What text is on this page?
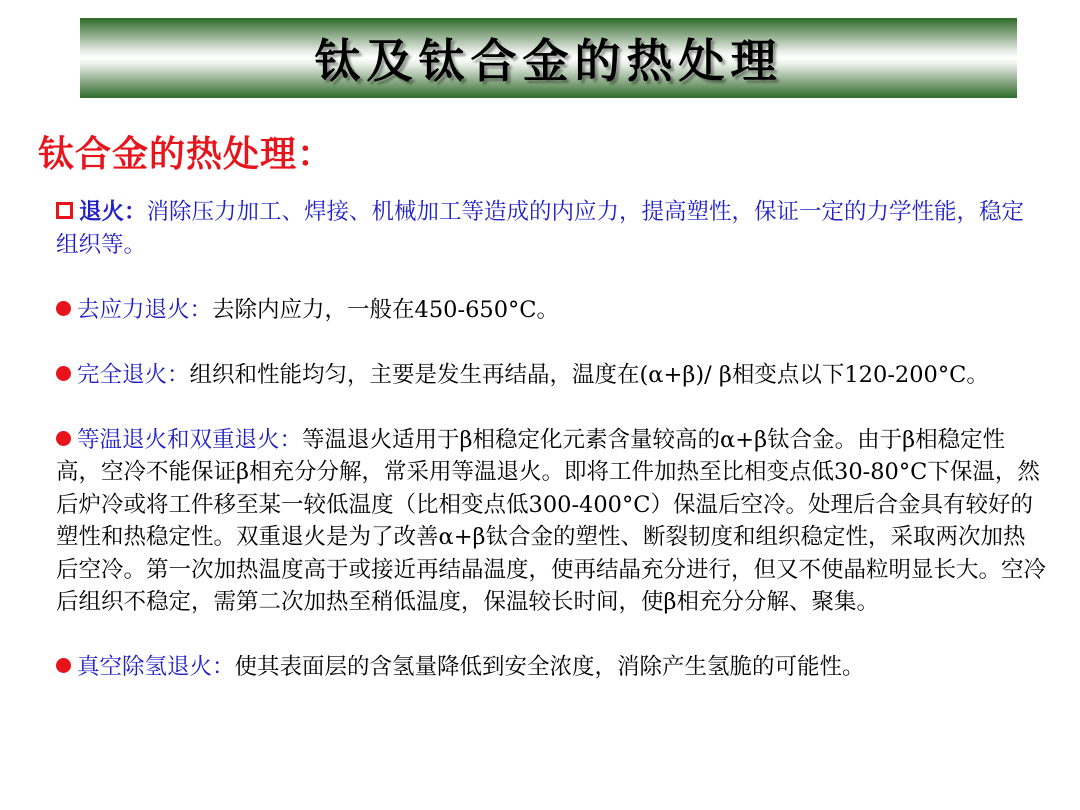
钛及钛合金的热处理
钛合金的热处理：

退火：消除压力加工、焊接、机械加工等造成的内应力，提高塑性，保证一定的力学性能，稳定组织等。

去应力退火：去除内应力，一般在450-650°C。

完全退火：组织和性能均匀，主要是发生再结晶，温度在(α+β)/ β相变点以下120-200°C。

等温退火和双重退火：等温退火适用于β相稳定化元素含量较高的α+β钛合金。由于β相稳定性高，空冷不能保证β相充分分解，常采用等温退火。即将工件加热至比相变点低30-80°C下保温，然后炉冷或将工件移至某一较低温度（比相变点低300-400°C）保温后空冷。处理后合金具有较好的塑性和热稳定性。双重退火是为了改善α+β钛合金的塑性、断裂韧度和组织稳定性，采取两次加热后空冷。第一次加热温度高于或接近再结晶温度，使再结晶充分进行，但又不使晶粒明显长大。空冷后组织不稳定，需第二次加热至稍低温度，保温较长时间，使β相充分分解、聚集。

真空除氢退火：使其表面层的含氢量降低到安全浓度，消除产生氢脆的可能性。
